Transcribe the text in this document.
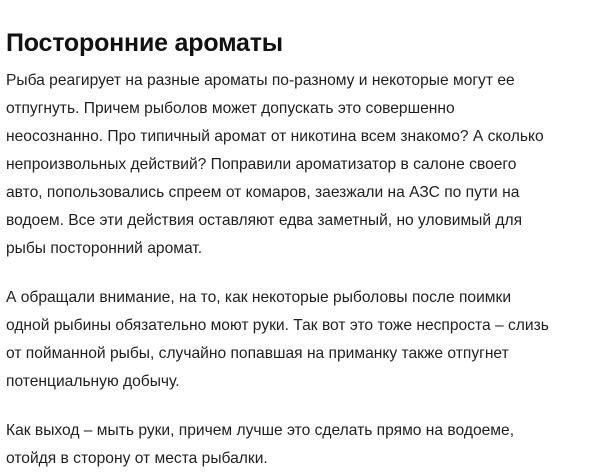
Посторонние ароматы

Рыба реагирует на разные ароматы по-разному и некоторые могут ее
отпугнуть. Причем рыболов может допускать это совершенно
неосознанно. Про типичный аромат от никотина всем знакомо? А сколько
непроизвольных действий? Поправили ароматизатор в салоне своего
авто, попользовались спреем от комаров, заезжали на АЗС по пути на
водоем. Все эти действия оставляют едва заметный, но уловимый для
рыбы посторонний аромат.

А обращали внимание, на то, как некоторые рыболовы после поимки
одной рыбины обязательно моют руки. Так вот это тоже неспроста – слизь
от пойманной рыбы, случайно попавшая на приманку также отпугнет
потенциальную добычу.

Как выход – мыть руки, причем лучше это сделать прямо на водоеме,
отойдя в сторону от места рыбалки.
